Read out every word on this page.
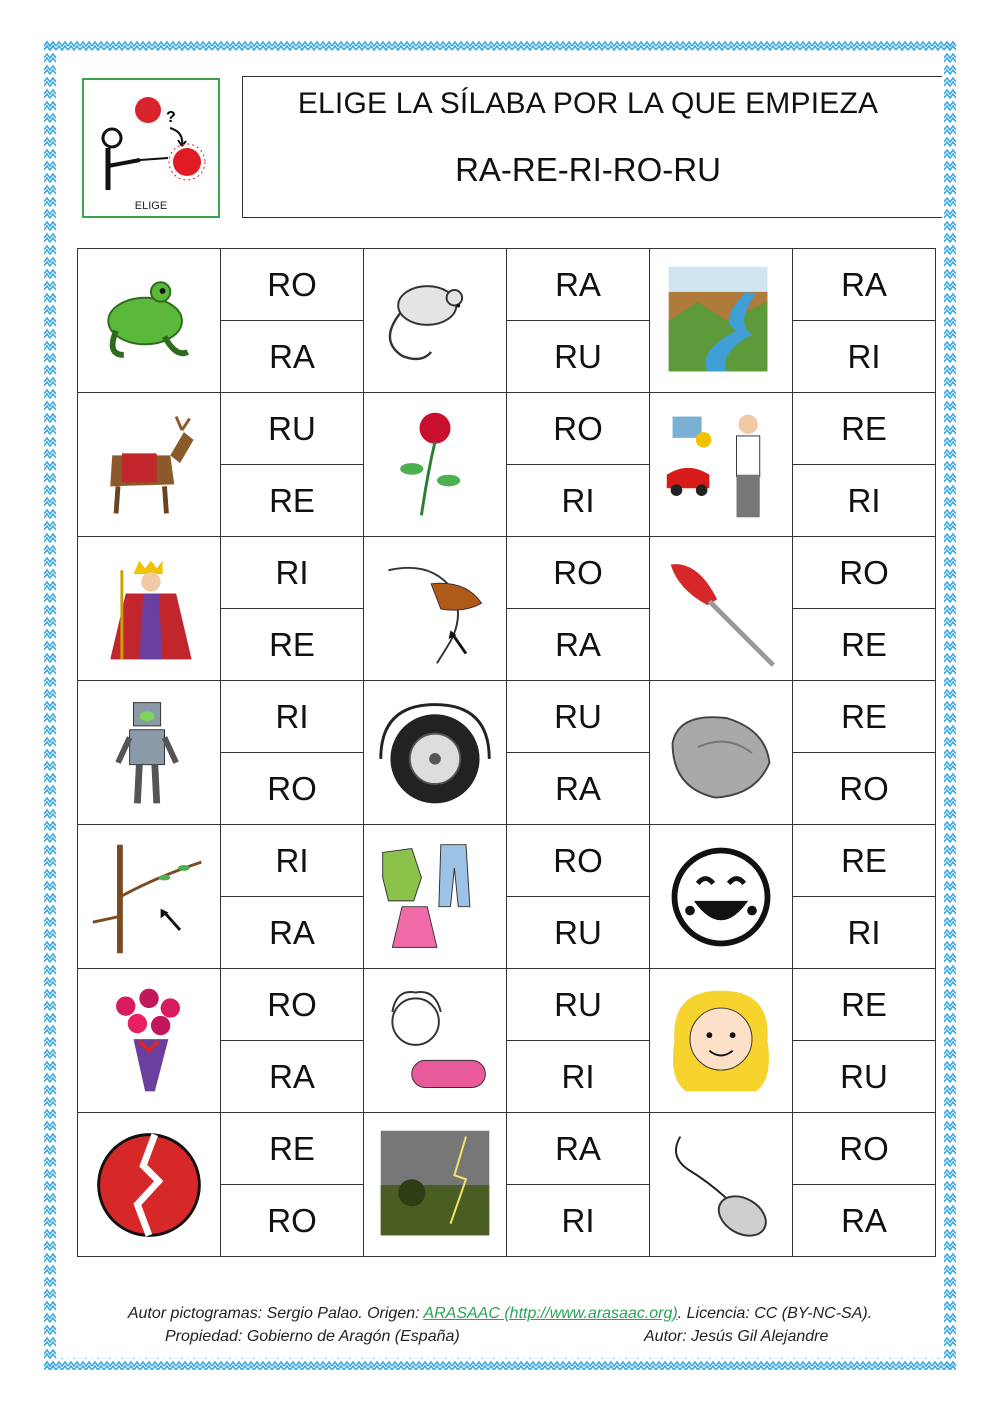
?
ELIGE
ELIGE LA SÍLABA POR LA QUE EMPIEZA
RA-RE-RI-RO-RU
	RO		RA		RA
	RA		RU		RI

	RU		RO		RE
	RE		RI		RI

	RI		RO		RO
	RE		RA		RE

	RI		RU		RE
	RO		RA		RO

	RI		RO		RE
	RA		RU		RI

	RO		RU		RE
	RA		RI		RU

	RE		RA		RO
	RO		RI		RA
Autor pictogramas: Sergio Palao. Origen: ARASAAC (http://www.arasaac.org). Licencia: CC (BY-NC-SA).
Propiedad: Gobierno de Aragón (España)	Autor: Jesús Gil Alejandre
